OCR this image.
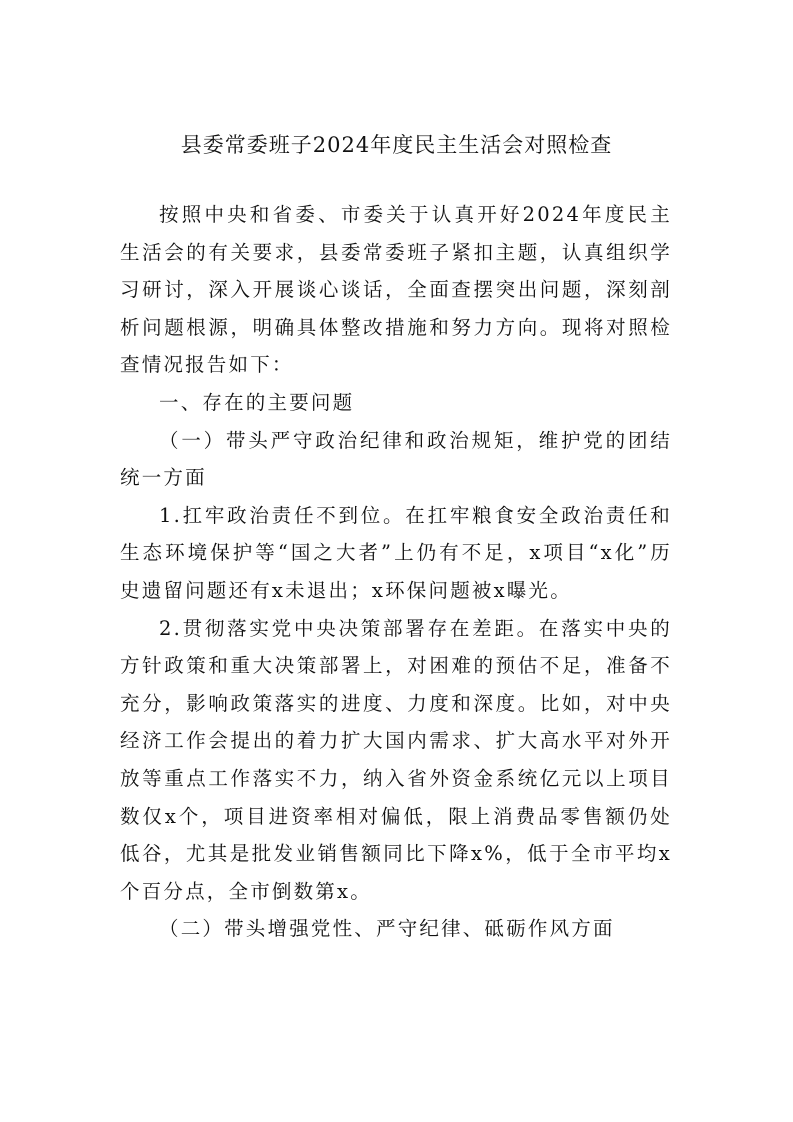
县委常委班子2024年度民主生活会对照检查

按照中央和省委、市委关于认真开好2024年度民主生活会的有关要求，县委常委班子紧扣主题，认真组织学习研讨，深入开展谈心谈话，全面查摆突出问题，深刻剖析问题根源，明确具体整改措施和努力方向。现将对照检查情况报告如下：

一、存在的主要问题

（一）带头严守政治纪律和政治规矩，维护党的团结统一方面

1.扛牢政治责任不到位。在扛牢粮食安全政治责任和生态环境保护等“国之大者”上仍有不足，x项目“x化”历史遗留问题还有x未退出；x环保问题被x曝光。

2.贯彻落实党中央决策部署存在差距。在落实中央的方针政策和重大决策部署上，对困难的预估不足，准备不充分，影响政策落实的进度、力度和深度。比如，对中央经济工作会提出的着力扩大国内需求、扩大高水平对外开放等重点工作落实不力，纳入省外资金系统亿元以上项目数仅x个，项目进资率相对偏低，限上消费品零售额仍处低谷，尤其是批发业销售额同比下降x%，低于全市平均x个百分点，全市倒数第x。

（二）带头增强党性、严守纪律、砥砺作风方面
